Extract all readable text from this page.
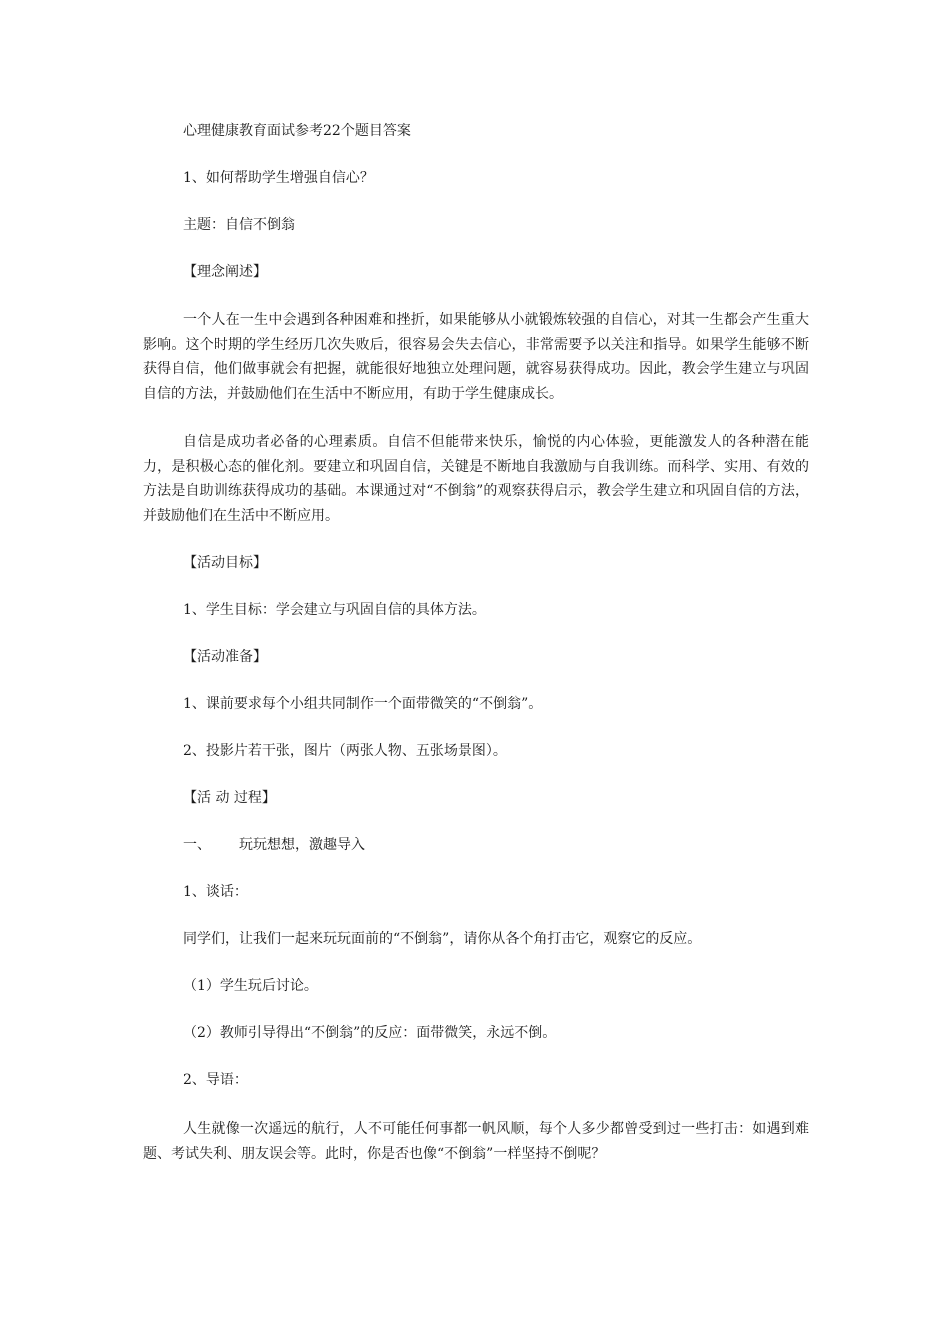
心理健康教育面试参考22个题目答案
1、如何帮助学生增强自信心？
主题：自信不倒翁
【理念阐述】
一个人在一生中会遇到各种困难和挫折，如果能够从小就锻炼较强的自信心，对其一生都会产生重大影响。这个时期的学生经历几次失败后，很容易会失去信心，非常需要予以关注和指导。如果学生能够不断获得自信，他们做事就会有把握，就能很好地独立处理问题，就容易获得成功。因此，教会学生建立与巩固自信的方法，并鼓励他们在生活中不断应用，有助于学生健康成长。
自信是成功者必备的心理素质。自信不但能带来快乐，愉悦的内心体验，更能激发人的各种潜在能力，是积极心态的催化剂。要建立和巩固自信，关键是不断地自我激励与自我训练。而科学、实用、有效的方法是自助训练获得成功的基础。本课通过对“不倒翁”的观察获得启示，教会学生建立和巩固自信的方法，并鼓励他们在生活中不断应用。
【活动目标】
1、学生目标：学会建立与巩固自信的具体方法。
【活动准备】
1、课前要求每个小组共同制作一个面带微笑的“不倒翁”。
2、投影片若干张，图片（两张人物、五张场景图）。
【活 动 过程】
一、 玩玩想想，激趣导入
1、谈话：
同学们，让我们一起来玩玩面前的“不倒翁”，请你从各个角打击它，观察它的反应。
（1）学生玩后讨论。
（2）教师引导得出“不倒翁”的反应：面带微笑，永远不倒。
2、导语：
人生就像一次遥远的航行，人不可能任何事都一帆风顺，每个人多少都曾受到过一些打击：如遇到难题、考试失利、朋友误会等。此时，你是否也像“不倒翁”一样坚持不倒呢？
